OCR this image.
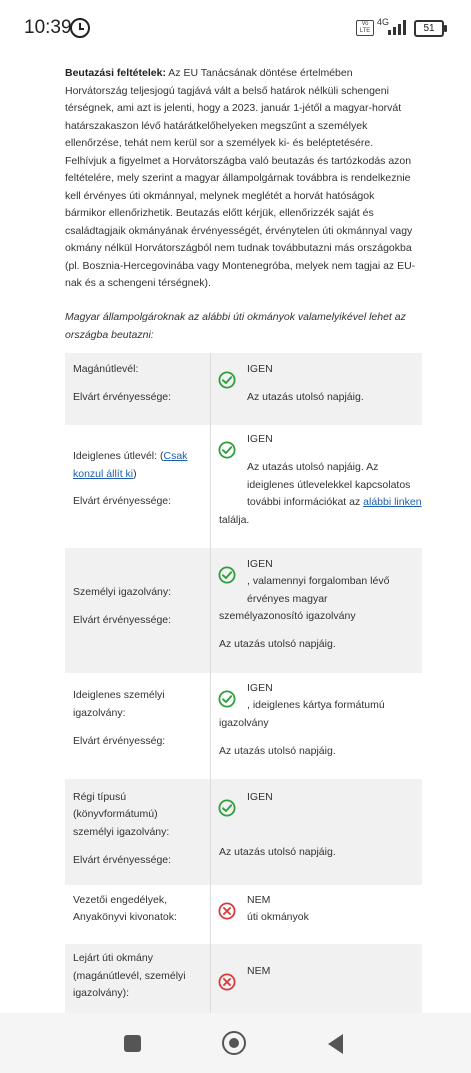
10:39	Vo
LTE
4G
51
Beutazási feltételek: Az EU Tanácsának döntése értelmében
Horvátország teljesjogú tagjává vált a belső határok nélküli schengeni
térségnek, ami azt is jelenti, hogy a 2023. január 1-jétől a magyar-horvát
határszakaszon lévő határátkelőhelyeken megszűnt a személyek
ellenőrzése, tehát nem kerül sor a személyek ki- és beléptetésére.
Felhívjuk a figyelmet a Horvátországba való beutazás és tartózkodás azon
feltételére, mely szerint a magyar állampolgárnak továbbra is rendelkeznie
kell érvényes úti okmánnyal, melynek meglétét a horvát hatóságok
bármikor ellenőrizhetik. Beutazás előtt kérjük, ellenőrizzék saját és
családtagjaik okmányának érvényességét, érvénytelen úti okmánnyal vagy
okmány nélkül Horvátországból nem tudnak továbbutazni más országokba
(pl. Bosznia-Hercegovinába vagy Montenegróba, melyek nem tagjai az EU-
nak és a schengeni térségnek).
Magyar állampolgároknak az alábbi úti okmányok valamelyikével lehet az
országba beutazni:
Magánútlevél:
Elvárt érvényessége:
IGEN
Az utazás utolsó napjáig.
Ideiglenes útlevél: (Csak
konzul állít ki)
Elvárt érvényessége:
IGEN
Az utazás utolsó napjáig. Az
ideiglenes útlevelekkel kapcsolatos
további információkat az alábbi linken
találja.
Személyi igazolvány:
Elvárt érvényessége:
IGEN
, valamennyi forgalomban lévő
érvényes magyar
személyazonosító igazolvány
Az utazás utolsó napjáig.
Ideiglenes személyi
igazolvány:
Elvárt érvényesség:
IGEN
, ideiglenes kártya formátumú
igazolvány
Az utazás utolsó napjáig.
Régi típusú
(könyvformátumú)
személyi igazolvány:
Elvárt érvényessége:
IGEN
Az utazás utolsó napjáig.
Vezetői engedélyek,
Anyakönyvi kivonatok:
NEM
úti okmányok
Lejárt úti okmány
(magánútlevél, személyi
igazolvány):
NEM
